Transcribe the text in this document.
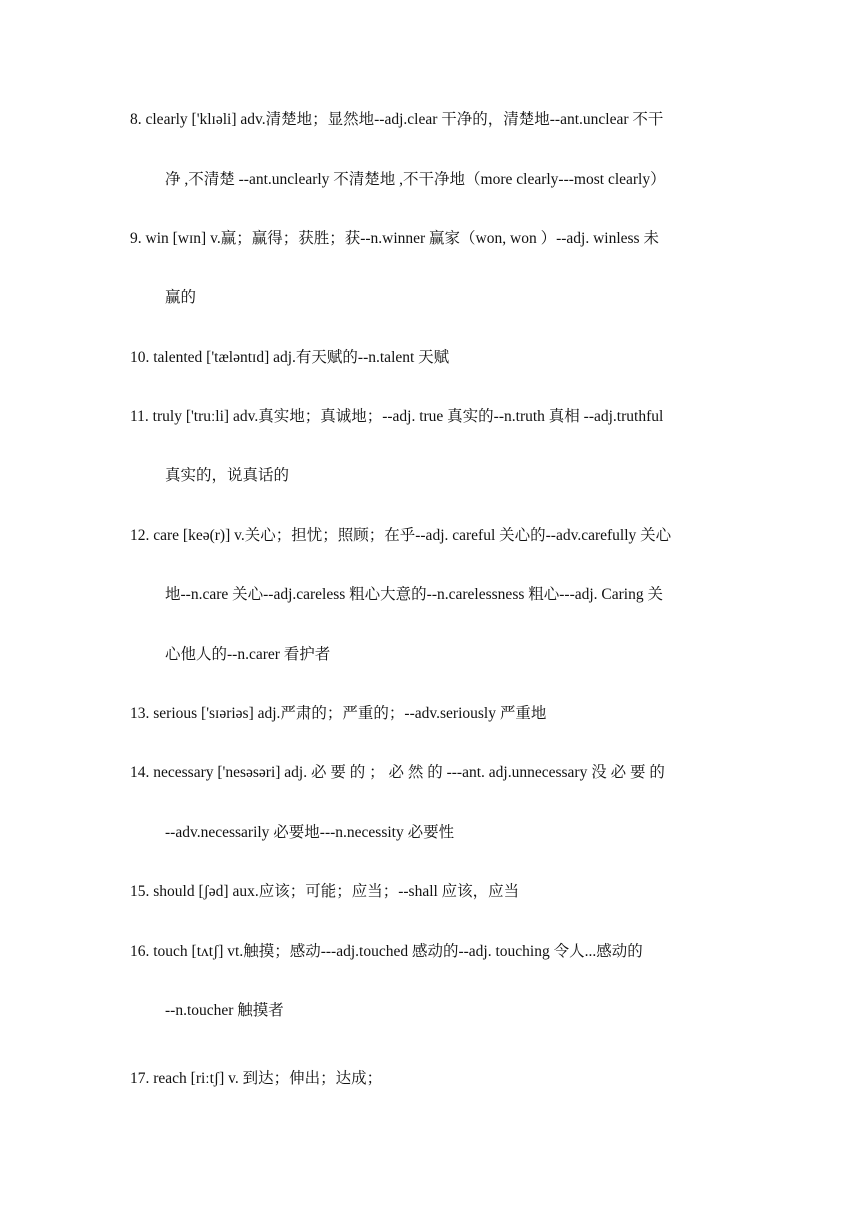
8. clearly ['klɪəli] adv.清楚地；显然地--adj.clear 干净的，清楚地--ant.unclear 不干
净 ,不清楚 --ant.unclearly 不清楚地 ,不干净地（more clearly---most clearly）
9. win [wɪn] v.赢；赢得；获胜；获--n.winner 赢家（won, won ）--adj. winless 未
赢的
10. talented ['tæləntɪd] adj.有天赋的--n.talent 天赋
11. truly ['truːli] adv.真实地；真诚地；--adj. true 真实的--n.truth 真相 --adj.truthful
真实的，说真话的
12. care [keə(r)] v.关心；担忧；照顾；在乎--adj. careful 关心的--adv.carefully 关心
地--n.care 关心--adj.careless 粗心大意的--n.carelessness 粗心---adj. Caring 关
心他人的--n.carer 看护者
13. serious ['sɪəriəs] adj.严肃的；严重的；--adv.seriously 严重地
14. necessary ['nesəsəri] adj. 必 要 的 ； 必 然 的 ---ant. adj.unnecessary 没 必 要 的
--adv.necessarily 必要地---n.necessity 必要性
15. should [ʃəd] aux.应该；可能；应当；--shall 应该，应当
16. touch [tʌtʃ] vt.触摸；感动---adj.touched 感动的--adj. touching 令人...感动的
--n.toucher 触摸者
17. reach [riːtʃ] v. 到达；伸出；达成；
